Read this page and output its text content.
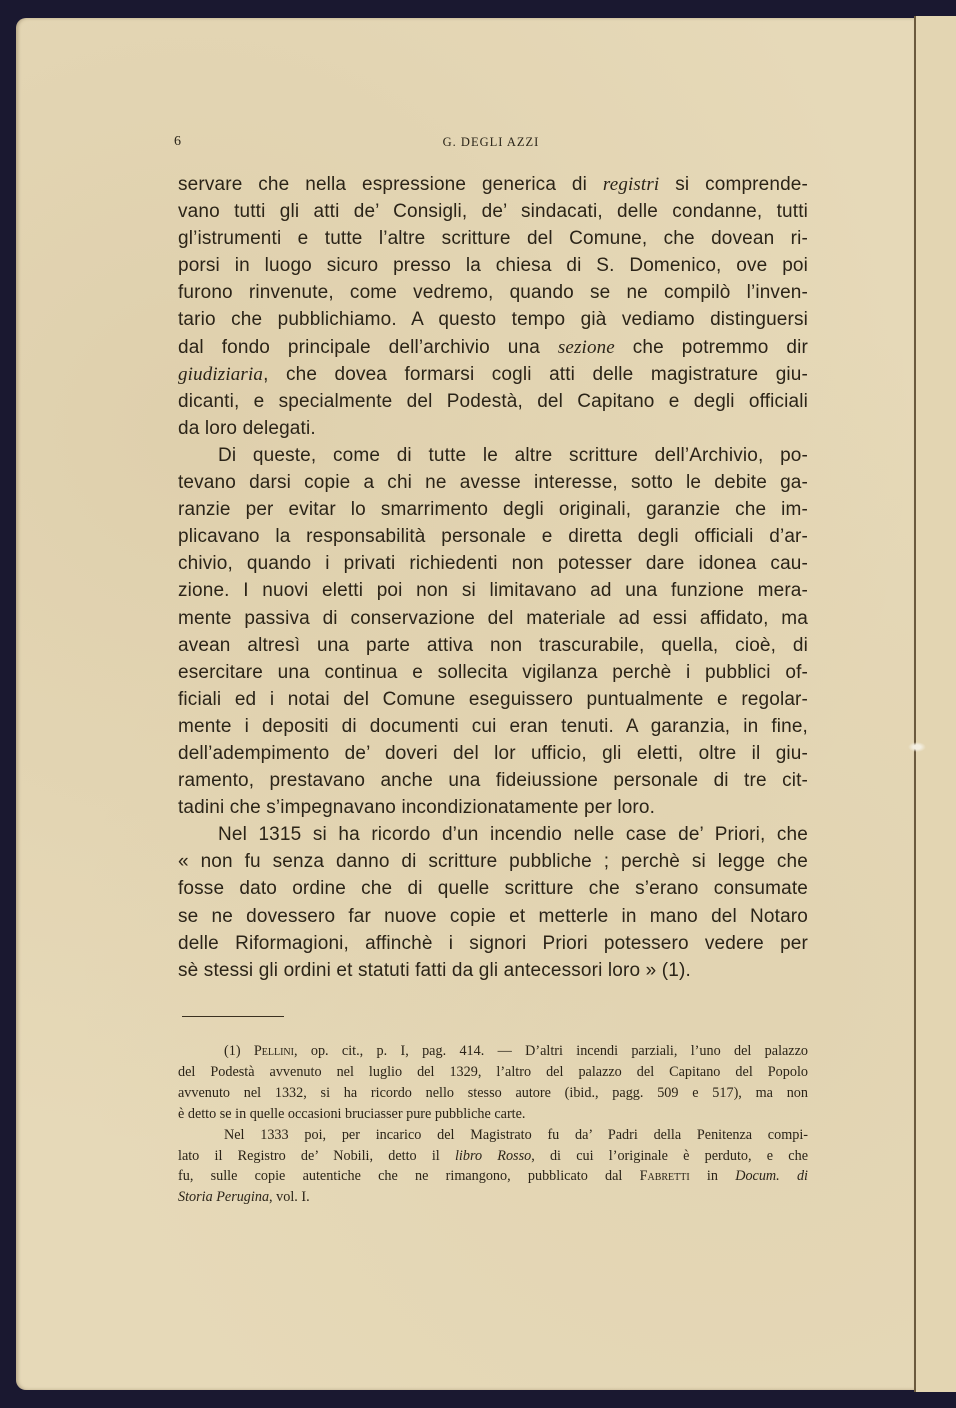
6	G. DEGLI AZZI
servare che nella espressione generica di registri si comprende-
vano tutti gli atti de’ Consigli, de’ sindacati, delle condanne, tutti
gl’istrumenti e tutte l’altre scritture del Comune, che dovean ri-
porsi in luogo sicuro presso la chiesa di S. Domenico, ove poi
furono rinvenute, come vedremo, quando se ne compilò l’inven-
tario che pubblichiamo. A questo tempo già vediamo distinguersi
dal fondo principale dell’archivio una sezione che potremmo dir
giudiziaria, che dovea formarsi cogli atti delle magistrature giu-
dicanti, e specialmente del Podestà, del Capitano e degli officiali
da loro delegati.
Di queste, come di tutte le altre scritture dell’Archivio, po-
tevano darsi copie a chi ne avesse interesse, sotto le debite ga-
ranzie per evitar lo smarrimento degli originali, garanzie che im-
plicavano la responsabilità personale e diretta degli officiali d’ar-
chivio, quando i privati richiedenti non potesser dare idonea cau-
zione. I nuovi eletti poi non si limitavano ad una funzione mera-
mente passiva di conservazione del materiale ad essi affidato, ma
avean altresì una parte attiva non trascurabile, quella, cioè, di
esercitare una continua e sollecita vigilanza perchè i pubblici of-
ficiali ed i notai del Comune eseguissero puntualmente e regolar-
mente i depositi di documenti cui eran tenuti. A garanzia, in fine,
dell’adempimento de’ doveri del lor ufficio, gli eletti, oltre il giu-
ramento, prestavano anche una fideiussione personale di tre cit-
tadini che s’impegnavano incondizionatamente per loro.
Nel 1315 si ha ricordo d’un incendio nelle case de’ Priori, che
« non fu senza danno di scritture pubbliche ; perchè si legge che
fosse dato ordine che di quelle scritture che s’erano consumate
se ne dovessero far nuove copie et metterle in mano del Notaro
delle Riformagioni, affinchè i signori Priori potessero vedere per
sè stessi gli ordini et statuti fatti da gli antecessori loro » (1).
(1) Pellini, op. cit., p. I, pag. 414. — D’altri incendi parziali, l’uno del palazzo
del Podestà avvenuto nel luglio del 1329, l’altro del palazzo del Capitano del Popolo
avvenuto nel 1332, si ha ricordo nello stesso autore (ibid., pagg. 509 e 517), ma non
è detto se in quelle occasioni bruciasser pure pubbliche carte.
Nel 1333 poi, per incarico del Magistrato fu da’ Padri della Penitenza compi-
lato il Registro de’ Nobili, detto il libro Rosso, di cui l’originale è perduto, e che
fu, sulle copie autentiche che ne rimangono, pubblicato dal Fabretti in Docum. di
Storia Perugina, vol. I.
